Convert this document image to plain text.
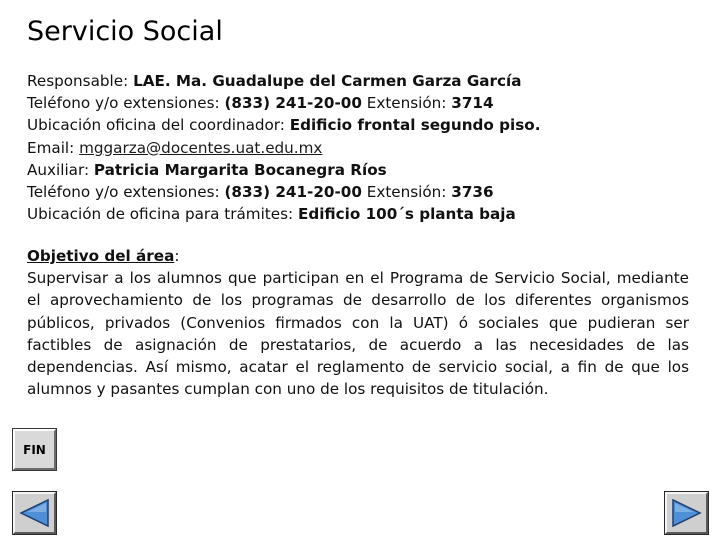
Servicio Social
Responsable: LAE. Ma. Guadalupe del Carmen Garza García
Teléfono y/o extensiones: (833) 241-20-00 Extensión: 3714
Ubicación oficina del coordinador: Edificio frontal segundo piso.
Email: mggarza@docentes.uat.edu.mx
Auxiliar: Patricia Margarita Bocanegra Ríos
Teléfono y/o extensiones: (833) 241-20-00 Extensión: 3736
Ubicación de oficina para trámites: Edificio 100´s planta baja
Objetivo del área:
Supervisar a los alumnos que participan en el Programa de Servicio Social, mediante el aprovechamiento de los programas de desarrollo de los diferentes organismos públicos, privados (Convenios firmados con la UAT) ó sociales que pudieran ser factibles de asignación de prestatarios, de acuerdo a las necesidades de las dependencias. Así mismo, acatar el reglamento de servicio social, a fin de que los alumnos y pasantes cumplan con uno de los requisitos de titulación.
FIN
